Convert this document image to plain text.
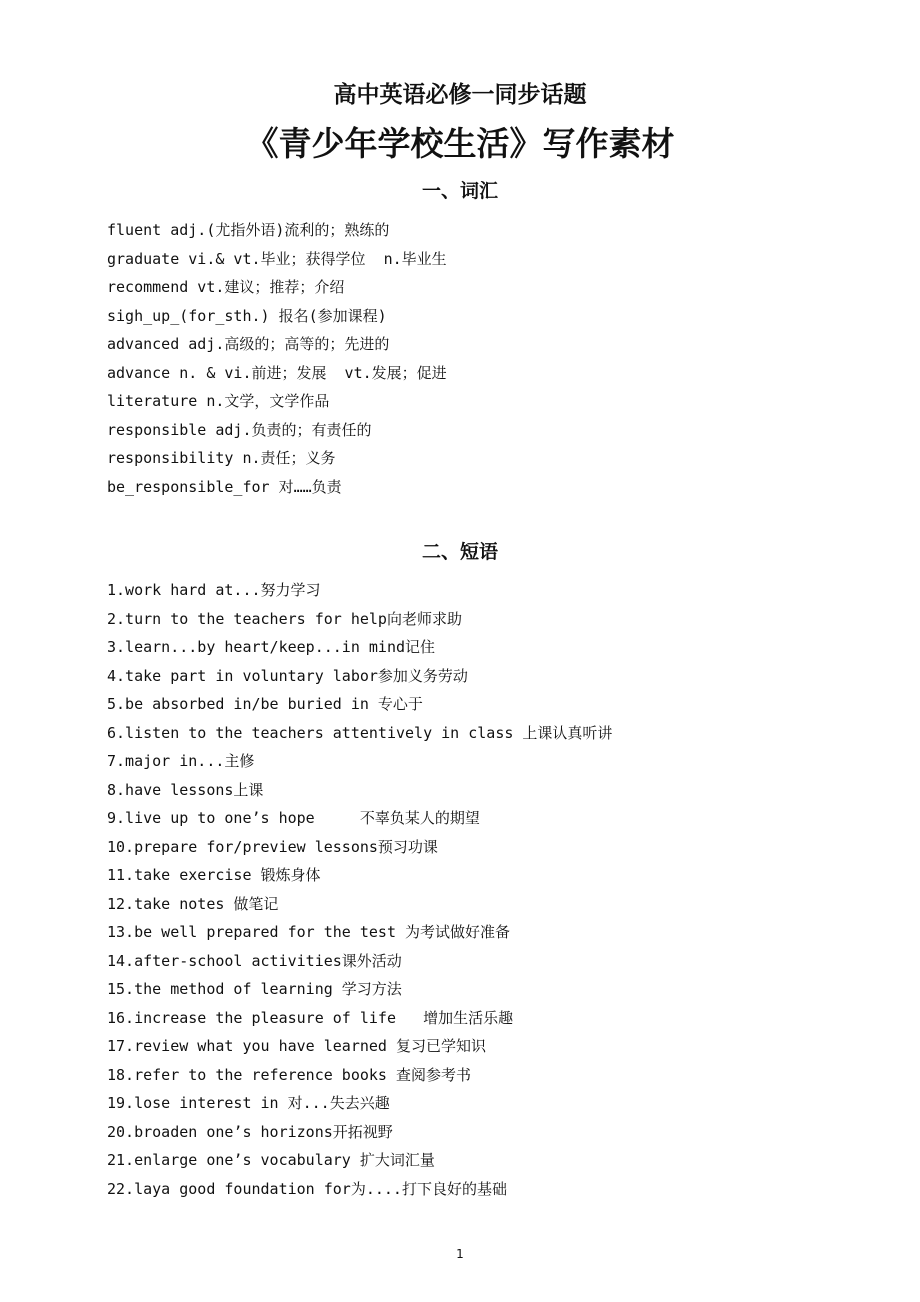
高中英语必修一同步话题
《青少年学校生活》写作素材
一、词汇
fluent adj.(尤指外语)流利的；熟练的
graduate vi.& vt.毕业；获得学位  n.毕业生
recommend vt.建议；推荐；介绍
sigh_up_(for_sth.) 报名(参加课程)
advanced adj.高级的；高等的；先进的
advance n. & vi.前进；发展  vt.发展；促进
literature n.文学，文学作品
responsible adj.负责的；有责任的
responsibility n.责任；义务
be_responsible_for 对……负责
二、短语
1.work hard at...努力学习
2.turn to the teachers for help向老师求助
3.learn...by heart/keep...in mind记住
4.take part in voluntary labor参加义务劳动
5.be absorbed in/be buried in 专心于
6.listen to the teachers attentively in class 上课认真听讲
7.major in...主修
8.have lessons上课
9.live up to one’s hope     不辜负某人的期望
10.prepare for/preview lessons预习功课
11.take exercise 锻炼身体
12.take notes 做笔记
13.be well prepared for the test 为考试做好准备
14.after-school activities课外活动
15.the method of learning 学习方法
16.increase the pleasure of life   增加生活乐趣
17.review what you have learned 复习已学知识
18.refer to the reference books 查阅参考书
19.lose interest in 对...失去兴趣
20.broaden one’s horizons开拓视野
21.enlarge one’s vocabulary 扩大词汇量
22.laya good foundation for为....打下良好的基础
1
